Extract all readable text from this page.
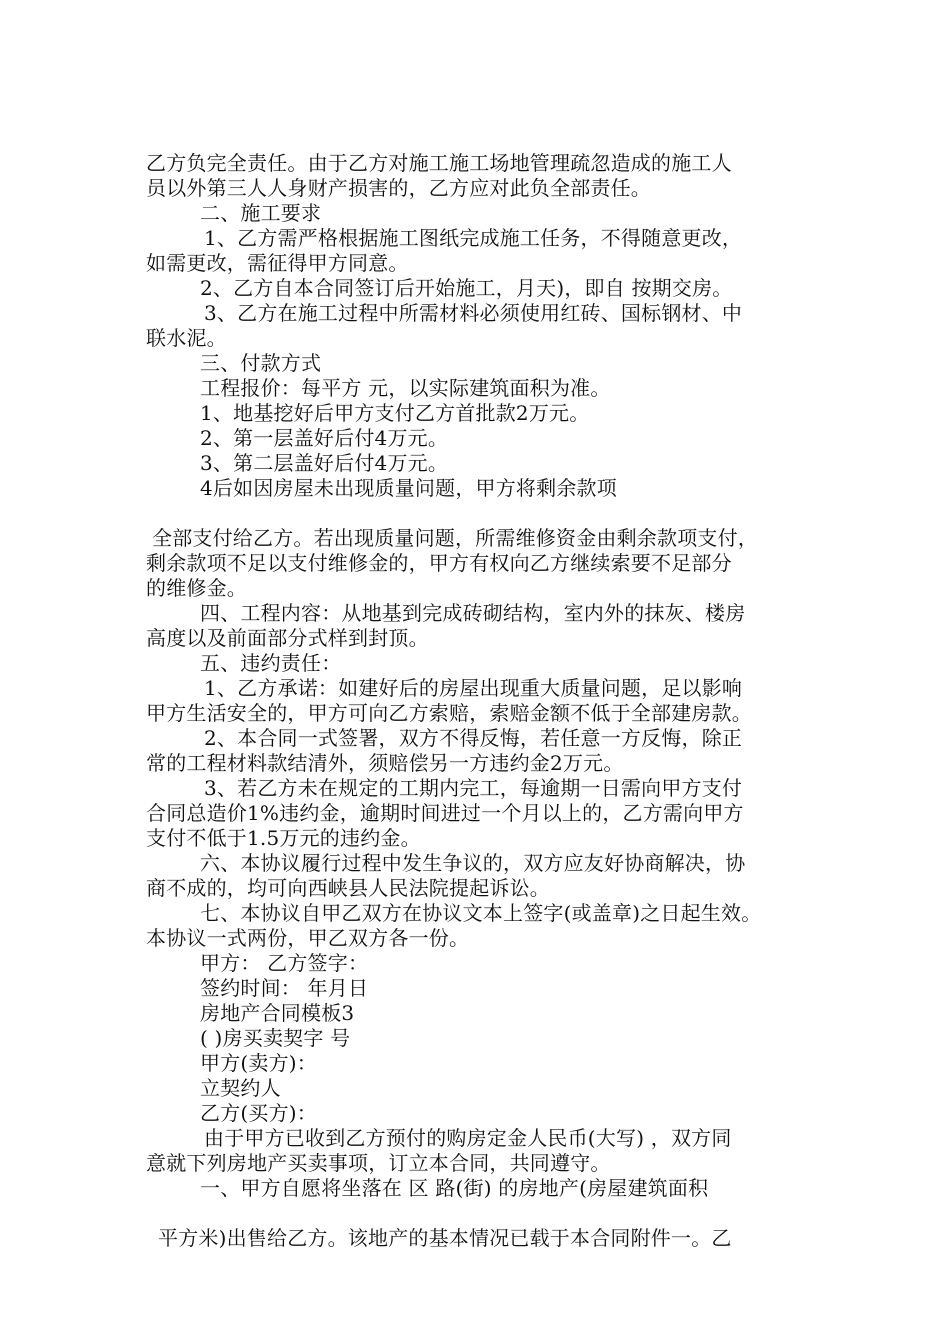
乙方负完全责任。由于乙方对施工施工场地管理疏忽造成的施工人
员以外第三人人身财产损害的，乙方应对此负全部责任。
二、施工要求
1、乙方需严格根据施工图纸完成施工任务，不得随意更改，
如需更改，需征得甲方同意。
2、乙方自本合同签订后开始施工，月天)，即自 按期交房。
3、乙方在施工过程中所需材料必须使用红砖、国标钢材、中
联水泥。
三、付款方式
工程报价：每平方 元，以实际建筑面积为准。
1、地基挖好后甲方支付乙方首批款2万元。
2、第一层盖好后付4万元。
3、第二层盖好后付4万元。
4后如因房屋未出现质量问题，甲方将剩余款项
全部支付给乙方。若出现质量问题，所需维修资金由剩余款项支付，
剩余款项不足以支付维修金的，甲方有权向乙方继续索要不足部分
的维修金。
四、工程内容：从地基到完成砖砌结构，室内外的抹灰、楼房
高度以及前面部分式样到封顶。
五、违约责任：
1、乙方承诺：如建好后的房屋出现重大质量问题，足以影响
甲方生活安全的，甲方可向乙方索赔，索赔金额不低于全部建房款。
2、本合同一式签署，双方不得反悔，若任意一方反悔，除正
常的工程材料款结清外，须赔偿另一方违约金2万元。
3、若乙方未在规定的工期内完工，每逾期一日需向甲方支付
合同总造价1%违约金，逾期时间进过一个月以上的，乙方需向甲方
支付不低于1.5万元的违约金。
六、本协议履行过程中发生争议的，双方应友好协商解决，协
商不成的，均可向西峡县人民法院提起诉讼。
七、本协议自甲乙双方在协议文本上签字(或盖章)之日起生效。
本协议一式两份，甲乙双方各一份。
甲方： 乙方签字：
签约时间： 年月日
房地产合同模板3
( )房买卖契字 号
甲方(卖方)：
立契约人
乙方(买方)：
由于甲方已收到乙方预付的购房定金人民币(大写) ，双方同
意就下列房地产买卖事项，订立本合同，共同遵守。
一、甲方自愿将坐落在 区 路(街) 的房地产(房屋建筑面积
平方米)出售给乙方。该地产的基本情况已载于本合同附件一。乙
